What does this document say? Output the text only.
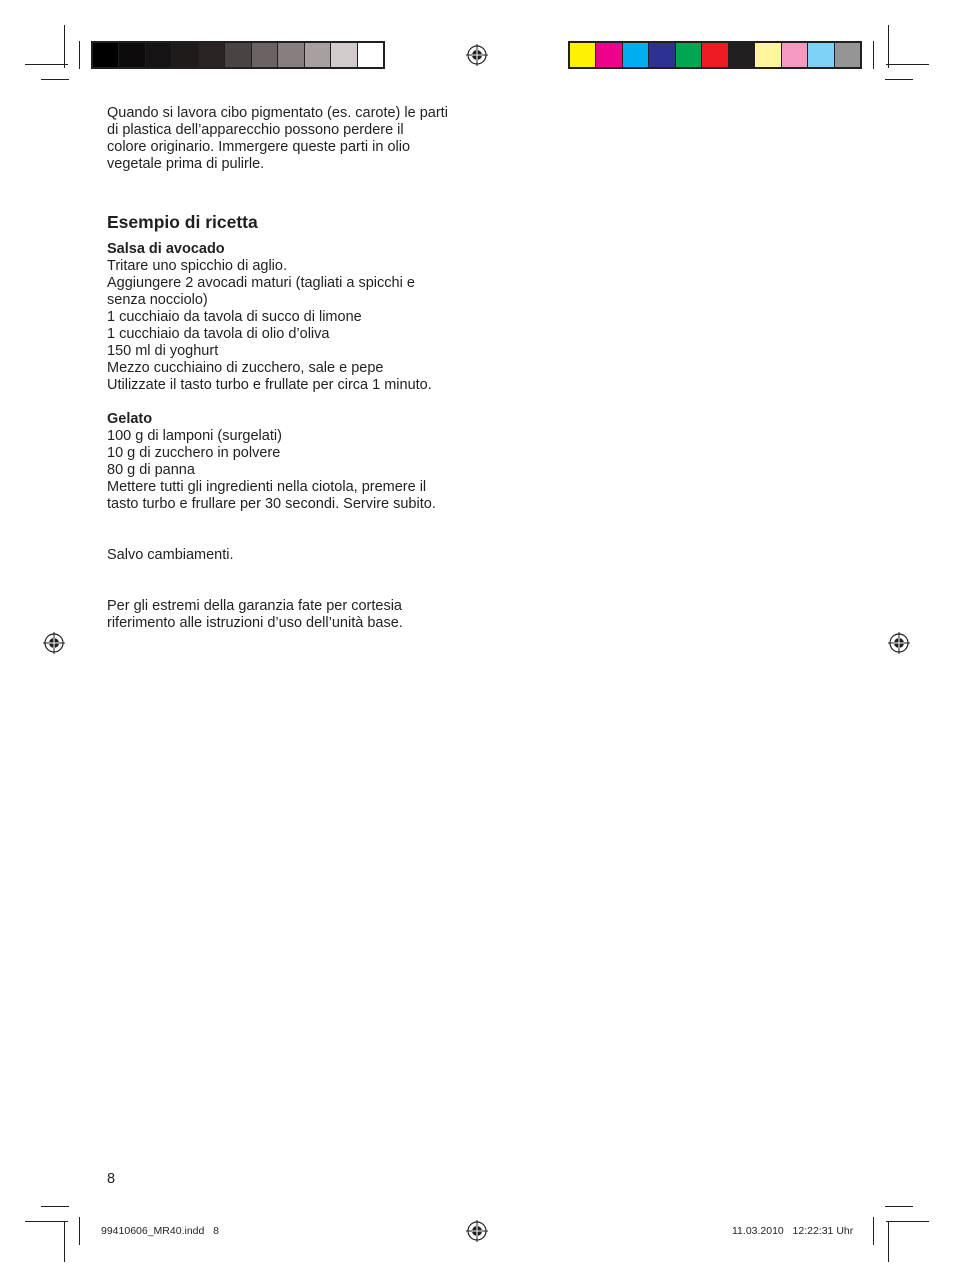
Quando si lavora cibo pigmentato (es. carote) le parti
di plastica dell’apparecchio possono perdere il
colore originario. Immergere queste parti in olio
vegetale prima di pulirle.
Esempio di ricetta
Salsa di avocado
Tritare uno spicchio di aglio.
Aggiungere 2 avocadi maturi (tagliati a spicchi e
senza nocciolo)
1 cucchiaio da tavola di succo di limone
1 cucchiaio da tavola di olio d’oliva
150 ml di yoghurt
Mezzo cucchiaino di zucchero, sale e pepe
Utilizzate il tasto turbo e frullate per circa 1 minuto.
Gelato
100 g di lamponi (surgelati)
10 g di zucchero in polvere
80 g di panna
Mettere tutti gli ingredienti nella ciotola, premere il
tasto turbo e frullare per 30 secondi. Servire subito.
Salvo cambiamenti.
Per gli estremi della garanzia fate per cortesia
riferimento alle istruzioni d’uso dell’unità base.
8
99410606_MR40.indd   8	11.03.2010   12:22:31 Uhr
